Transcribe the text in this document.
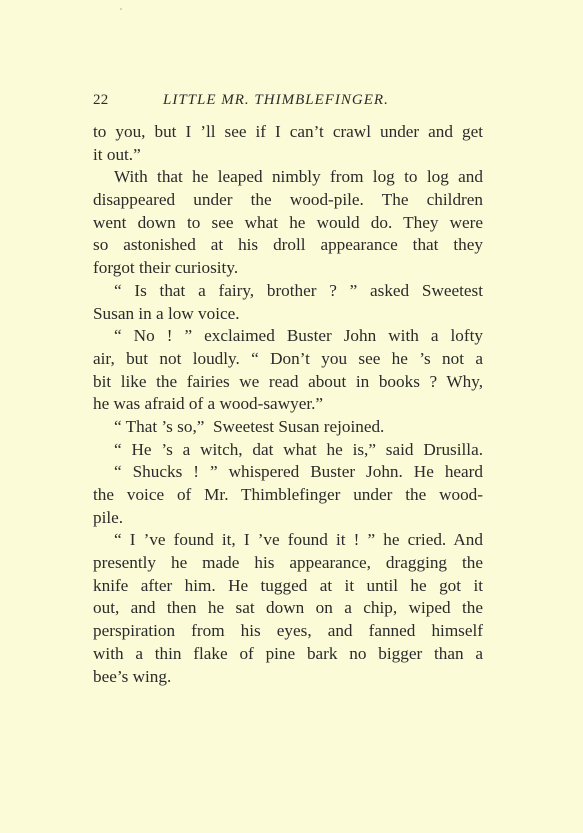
22	LITTLE MR. THIMBLEFINGER.
to you, but I ’ll see if I can’t crawl under and get
it out.”
With that he leaped nimbly from log to log and
disappeared under the wood-pile. The children
went down to see what he would do. They were
so astonished at his droll appearance that they
forgot their curiosity.
“ Is that a fairy, brother ? ” asked Sweetest
Susan in a low voice.
“ No ! ” exclaimed Buster John with a lofty
air, but not loudly. “ Don’t you see he ’s not a
bit like the fairies we read about in books ? Why,
he was afraid of a wood-sawyer.”
“ That ’s so,”  Sweetest Susan rejoined.
“ He ’s a witch, dat what he is,” said Drusilla.
“ Shucks ! ” whispered Buster John. He heard
the voice of Mr. Thimblefinger under the wood-
pile.
“ I ’ve found it, I ’ve found it ! ” he cried. And
presently he made his appearance, dragging the
knife after him. He tugged at it until he got it
out, and then he sat down on a chip, wiped the
perspiration from his eyes, and fanned himself
with a thin flake of pine bark no bigger than a
bee’s wing.
